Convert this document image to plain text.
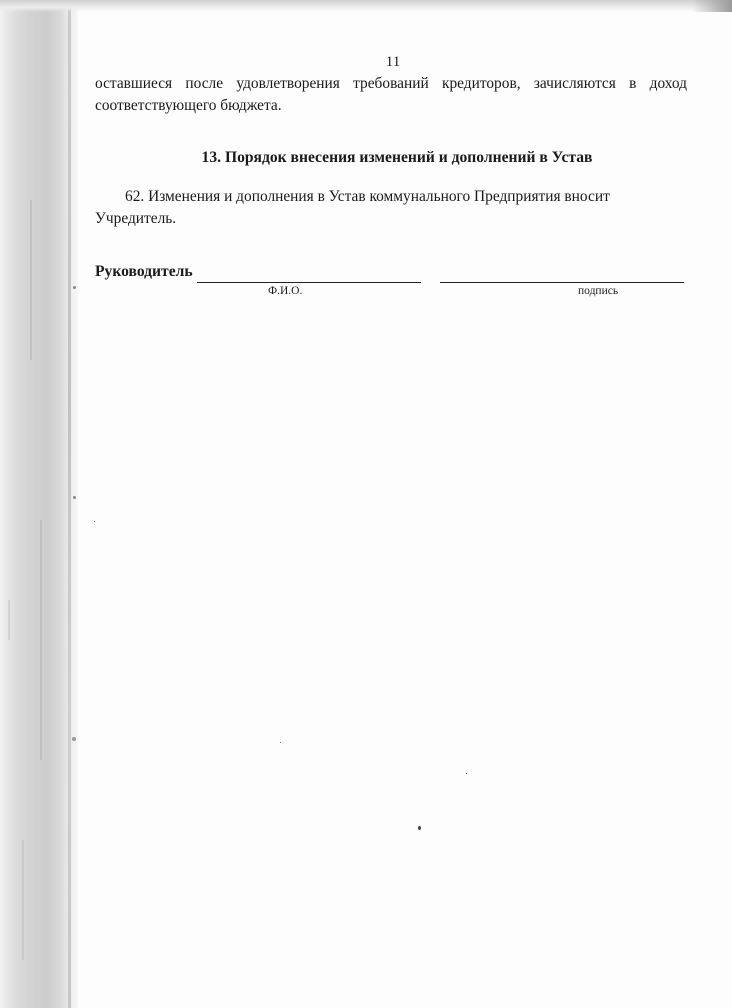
11
оставшиеся после удовлетворения требований кредиторов, зачисляются в доход соответствующего бюджета.
13. Порядок внесения изменений и дополнений в Устав
62. Изменения и дополнения в Устав коммунального Предприятия вносит
Учредитель.
Руководитель
Ф.И.О.	подпись
